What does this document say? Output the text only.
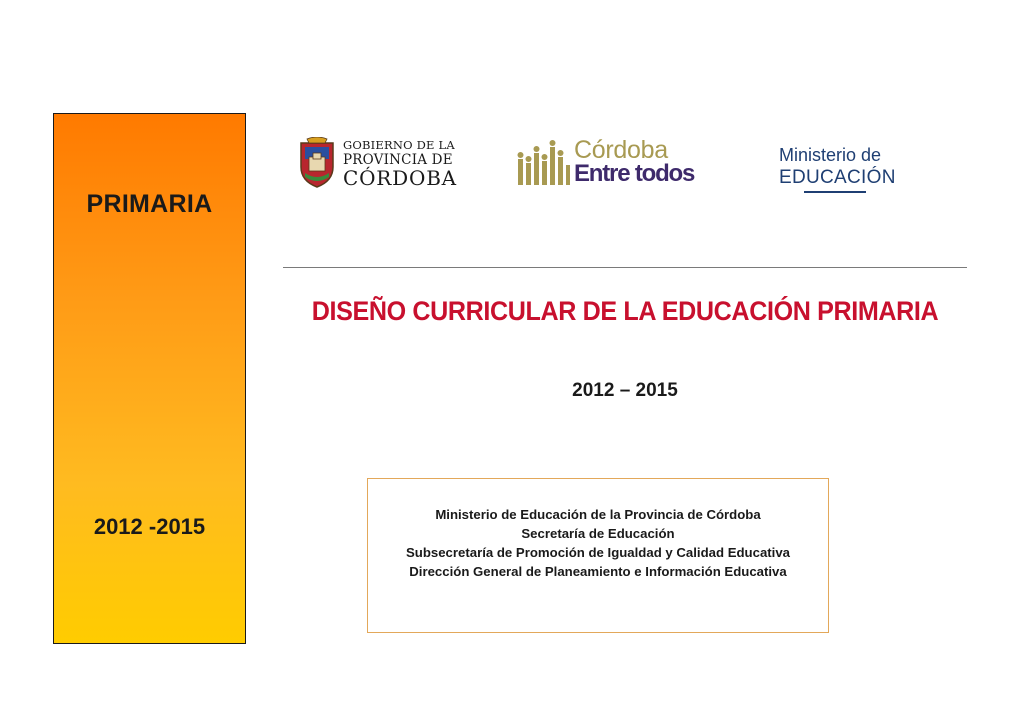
PRIMARIA
2012 -2015
GOBIERNO DE LA
PROVINCIA DE
CÓRDOBA
Córdoba
Entre todos
Ministerio de
EDUCACIÓN
DISEÑO CURRICULAR DE LA EDUCACIÓN PRIMARIA
2012 – 2015
Ministerio de Educación de la Provincia de Córdoba
Secretaría de Educación
Subsecretaría de Promoción de Igualdad y Calidad Educativa
Dirección General de Planeamiento e Información Educativa
